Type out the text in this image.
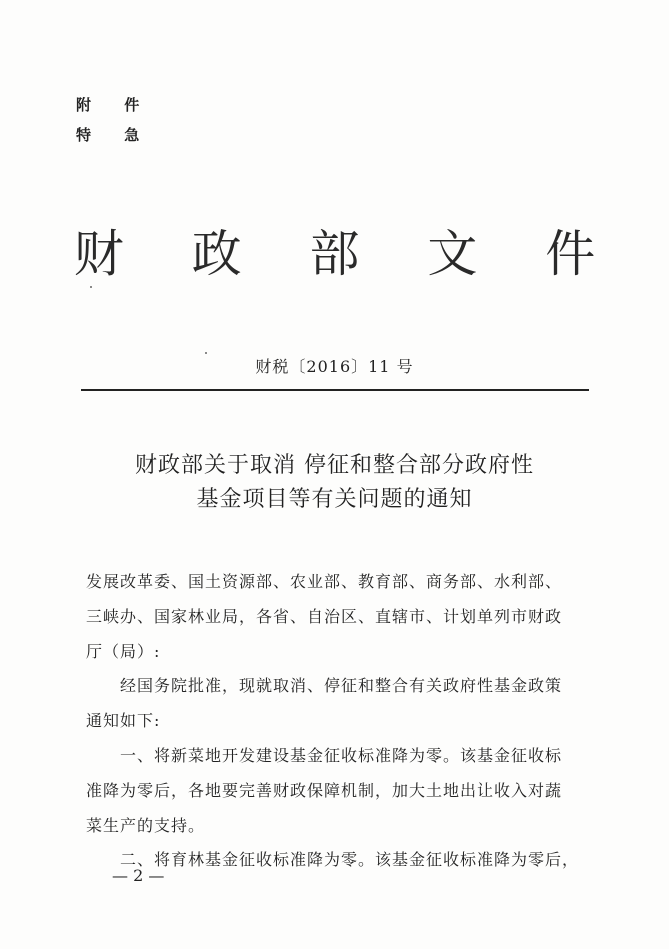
附 件
特 急
财 政 部 文 件
财税〔2016〕11 号
财政部关于取消 停征和整合部分政府性
基金项目等有关问题的通知
发展改革委、国土资源部、农业部、教育部、商务部、水利部、
三峡办、国家林业局，各省、自治区、直辖市、计划单列市财政
厅（局）:
经国务院批准，现就取消、停征和整合有关政府性基金政策
通知如下:
一、将新菜地开发建设基金征收标准降为零。该基金征收标
准降为零后，各地要完善财政保障机制，加大土地出让收入对蔬
菜生产的支持。
二、将育林基金征收标准降为零。该基金征收标准降为零后，
— 2 —
